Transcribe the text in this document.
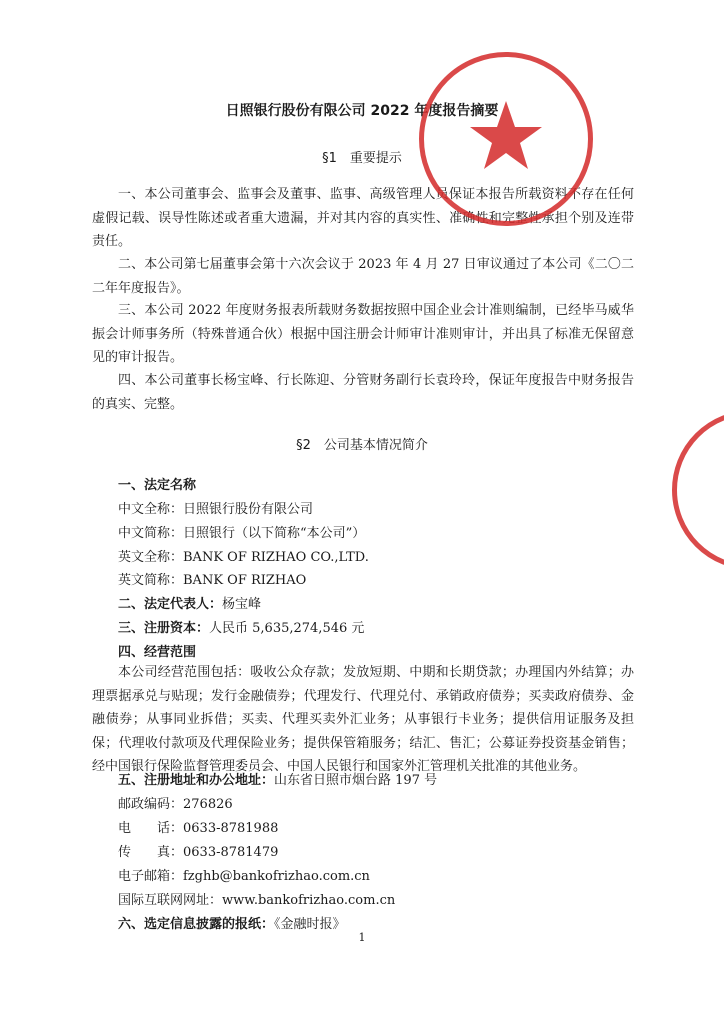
日照银行股份有限公司 2022 年度报告摘要
§1　重要提示

一、本公司董事会、监事会及董事、监事、高级管理人员保证本报告所载资料不存在任何虚假记载、误导性陈述或者重大遗漏，并对其内容的真实性、准确性和完整性承担个别及连带责任。

二、本公司第七届董事会第十六次会议于 2023 年 4 月 27 日审议通过了本公司《二〇二二年年度报告》。

三、本公司 2022 年度财务报表所载财务数据按照中国企业会计准则编制，已经毕马威华振会计师事务所（特殊普通合伙）根据中国注册会计师审计准则审计，并出具了标准无保留意见的审计报告。

四、本公司董事长杨宝峰、行长陈迎、分管财务副行长袁玲玲，保证年度报告中财务报告的真实、完整。

§2　公司基本情况简介
一、法定名称
中文全称：日照银行股份有限公司
中文简称：日照银行（以下简称“本公司”）
英文全称：BANK OF RIZHAO CO.,LTD.
英文简称：BANK OF RIZHAO
二、法定代表人：杨宝峰
三、注册资本：人民币 5,635,274,546 元
四、经营范围

本公司经营范围包括：吸收公众存款；发放短期、中期和长期贷款；办理国内外结算；办理票据承兑与贴现；发行金融债券；代理发行、代理兑付、承销政府债券；买卖政府债券、金融债券；从事同业拆借；买卖、代理买卖外汇业务；从事银行卡业务；提供信用证服务及担保；代理收付款项及代理保险业务；提供保管箱服务；结汇、售汇；公募证券投资基金销售；经中国银行保险监督管理委员会、中国人民银行和国家外汇管理机关批准的其他业务。

五、注册地址和办公地址：山东省日照市烟台路 197 号
邮政编码：276826
电　　话：0633-8781988
传　　真：0633-8781479
电子邮箱：fzghb@bankofrizhao.com.cn
国际互联网网址：www.bankofrizhao.com.cn
六、选定信息披露的报纸：《金融时报》
1
